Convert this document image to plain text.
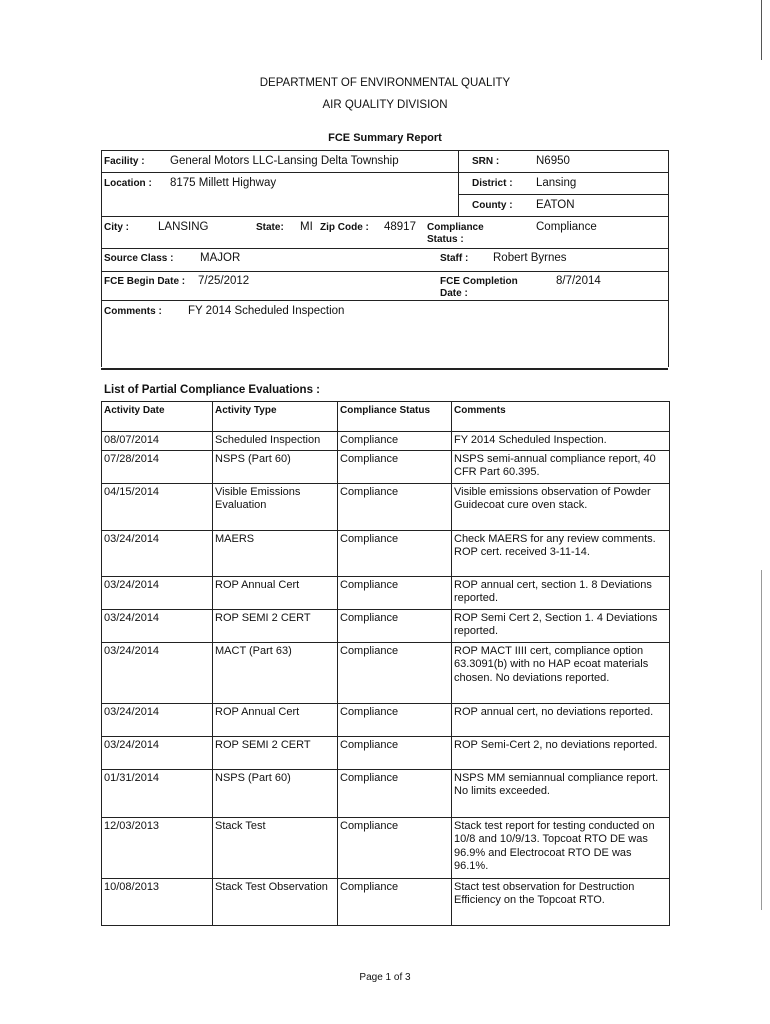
DEPARTMENT OF ENVIRONMENTAL QUALITY
AIR QUALITY DIVISION
FCE Summary Report
Facility : General Motors LLC-Lansing Delta Township	SRN :	N6950
Location : 8175 Millett Highway	District : Lansing
County : EATON
City :	LANSING	State: MI Zip Code : 48917 Compliance Status :
Compliance
Source Class : MAJOR	Staff : Robert Byrnes
FCE Begin Date : 7/25/2012	FCE Completion Date :
8/7/2014
Comments : FY 2014 Scheduled Inspection
List of Partial Compliance Evaluations :
Activity Date	Activity Type	Compliance Status	Comments
08/07/2014	Scheduled Inspection	Compliance	FY 2014 Scheduled Inspection.
07/28/2014	NSPS (Part 60)	Compliance	NSPS semi-annual compliance report, 40 CFR Part 60.395.
04/15/2014	Visible Emissions Evaluation	Compliance	Visible emissions observation of Powder Guidecoat cure oven stack.
03/24/2014	MAERS	Compliance	Check MAERS for any review comments. ROP cert. received 3-11-14.
03/24/2014	ROP Annual Cert	Compliance	ROP annual cert, section 1. 8 Deviations reported.
03/24/2014	ROP SEMI 2 CERT	Compliance	ROP Semi Cert 2, Section 1. 4 Deviations reported.
03/24/2014	MACT (Part 63)	Compliance	ROP MACT IIII cert, compliance option 63.3091(b) with no HAP ecoat materials chosen. No deviations reported.
03/24/2014	ROP Annual Cert	Compliance	ROP annual cert, no deviations reported.
03/24/2014	ROP SEMI 2 CERT	Compliance	ROP Semi-Cert 2, no deviations reported.
01/31/2014	NSPS (Part 60)	Compliance	NSPS MM semiannual compliance report. No limits exceeded.
12/03/2013	Stack Test	Compliance	Stack test report for testing conducted on 10/8 and 10/9/13. Topcoat RTO DE was 96.9% and Electrocoat RTO DE was 96.1%.
10/08/2013	Stack Test Observation	Compliance	Stact test observation for Destruction Efficiency on the Topcoat RTO.
Page 1 of 3
